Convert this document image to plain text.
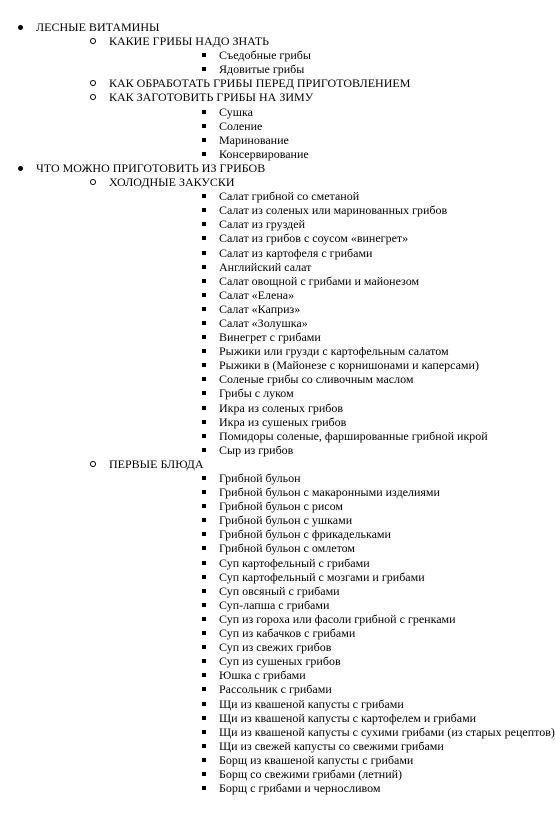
ЛЕСНЫЕ ВИТАМИНЫ
КАКИЕ ГРИБЫ НАДО ЗНАТЬ
Съедобные грибы
Ядовитые грибы
КАК ОБРАБОТАТЬ ГРИБЫ ПЕРЕД ПРИГОТОВЛЕНИЕМ
КАК ЗАГОТОВИТЬ ГРИБЫ НА ЗИМУ
Сушка
Соление
Маринование
Консервирование
ЧТО МОЖНО ПРИГОТОВИТЬ ИЗ ГРИБОВ
ХОЛОДНЫЕ ЗАКУСКИ
Салат грибной со сметаной
Салат из соленых или маринованных грибов
Салат из груздей
Салат из грибов с соусом «винегрет»
Салат из картофеля с грибами
Английский салат
Салат овощной с грибами и майонезом
Салат «Елена»
Салат «Каприз»
Салат «Золушка»
Винегрет с грибами
Рыжики или грузди с картофельным салатом
Рыжики в (Майонезе с корнишонами и каперсами)
Соленые грибы со сливочным маслом
Грибы с луком
Икра из соленых грибов
Икра из сушеных грибов
Помидоры соленые, фаршированные грибной икрой
Сыр из грибов
ПЕРВЫЕ БЛЮДА
Грибной бульон
Грибной бульон с макаронными изделиями
Грибной бульон с рисом
Грибной бульон с ушками
Грибной бульон с фрикадельками
Грибной бульон с омлетом
Суп картофельный с грибами
Суп картофельный с мозгами и грибами
Суп овсяный с грибами
Суп-лапша с грибами
Суп из гороха или фасоли грибной с гренками
Суп из кабачков с грибами
Суп из свежих грибов
Суп из сушеных грибов
Юшка с грибами
Рассольник с грибами
Щи из квашеной капусты с грибами
Щи из квашеной капусты с картофелем и грибами
Щи из квашеной капусты с сухими грибами (из старых рецептов)
Щи из свежей капусты со свежими грибами
Борщ из квашеной капусты с грибами
Борщ со свежими грибами (летний)
Борщ с грибами и черносливом
